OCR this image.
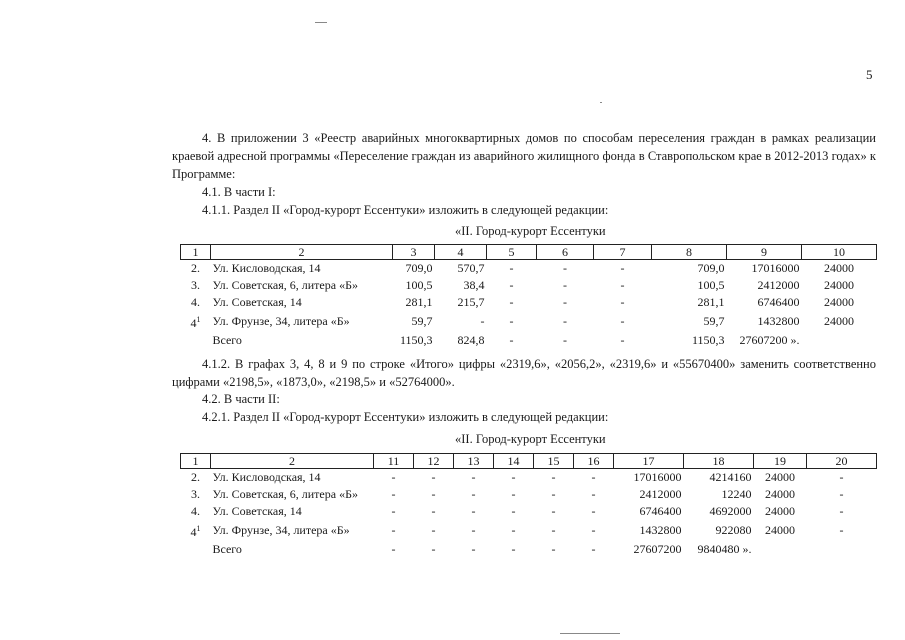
5
4. В приложении 3 «Реестр аварийных многоквартирных домов по способам переселения граждан в рамках реализации краевой адресной программы «Переселение граждан из аварийного жилищного фонда в Ставропольском крае в 2012-2013 годах» к Программе:
4.1. В части I:
4.1.1. Раздел II «Город-курорт Ессентуки» изложить в следующей редакции:
«II. Город-курорт Ессентуки
1	2	3	4	5	6	7	8	9	10
2.	Ул. Кисловодская, 14	709,0	570,7	-	-	-	709,0	17016000	24000
3.	Ул. Советская, 6, литера «Б»	100,5	38,4	-	-	-	100,5	2412000	24000
4.	Ул. Советская, 14	281,1	215,7	-	-	-	281,1	6746400	24000
$4^1$	Ул. Фрунзе, 34, литера «Б»	59,7	-	-	-	-	59,7	1432800	24000
	Всего	1150,3	824,8	-	-	-	1150,3	27607200 ».	
4.1.2. В графах 3, 4, 8 и 9 по строке «Итого» цифры «2319,6», «2056,2», «2319,6» и «55670400» заменить соответственно цифрами «2198,5», «1873,0», «2198,5» и «52764000».
4.2. В части II:
4.2.1. Раздел II «Город-курорт Ессентуки» изложить в следующей редакции:
«II. Город-курорт Ессентуки
1	2	11	12	13	14	15	16	17	18	19	20
2.	Ул. Кисловодская, 14	-	-	-	-	-	-	17016000	4214160	24000	-
3.	Ул. Советская, 6, литера «Б»	-	-	-	-	-	-	2412000	12240	24000	-
4.	Ул. Советская, 14	-	-	-	-	-	-	6746400	4692000	24000	-
$4^1$	Ул. Фрунзе, 34, литера «Б»	-	-	-	-	-	-	1432800	922080	24000	-
	Всего	-	-	-	-	-	-	27607200	9840480 ».		
